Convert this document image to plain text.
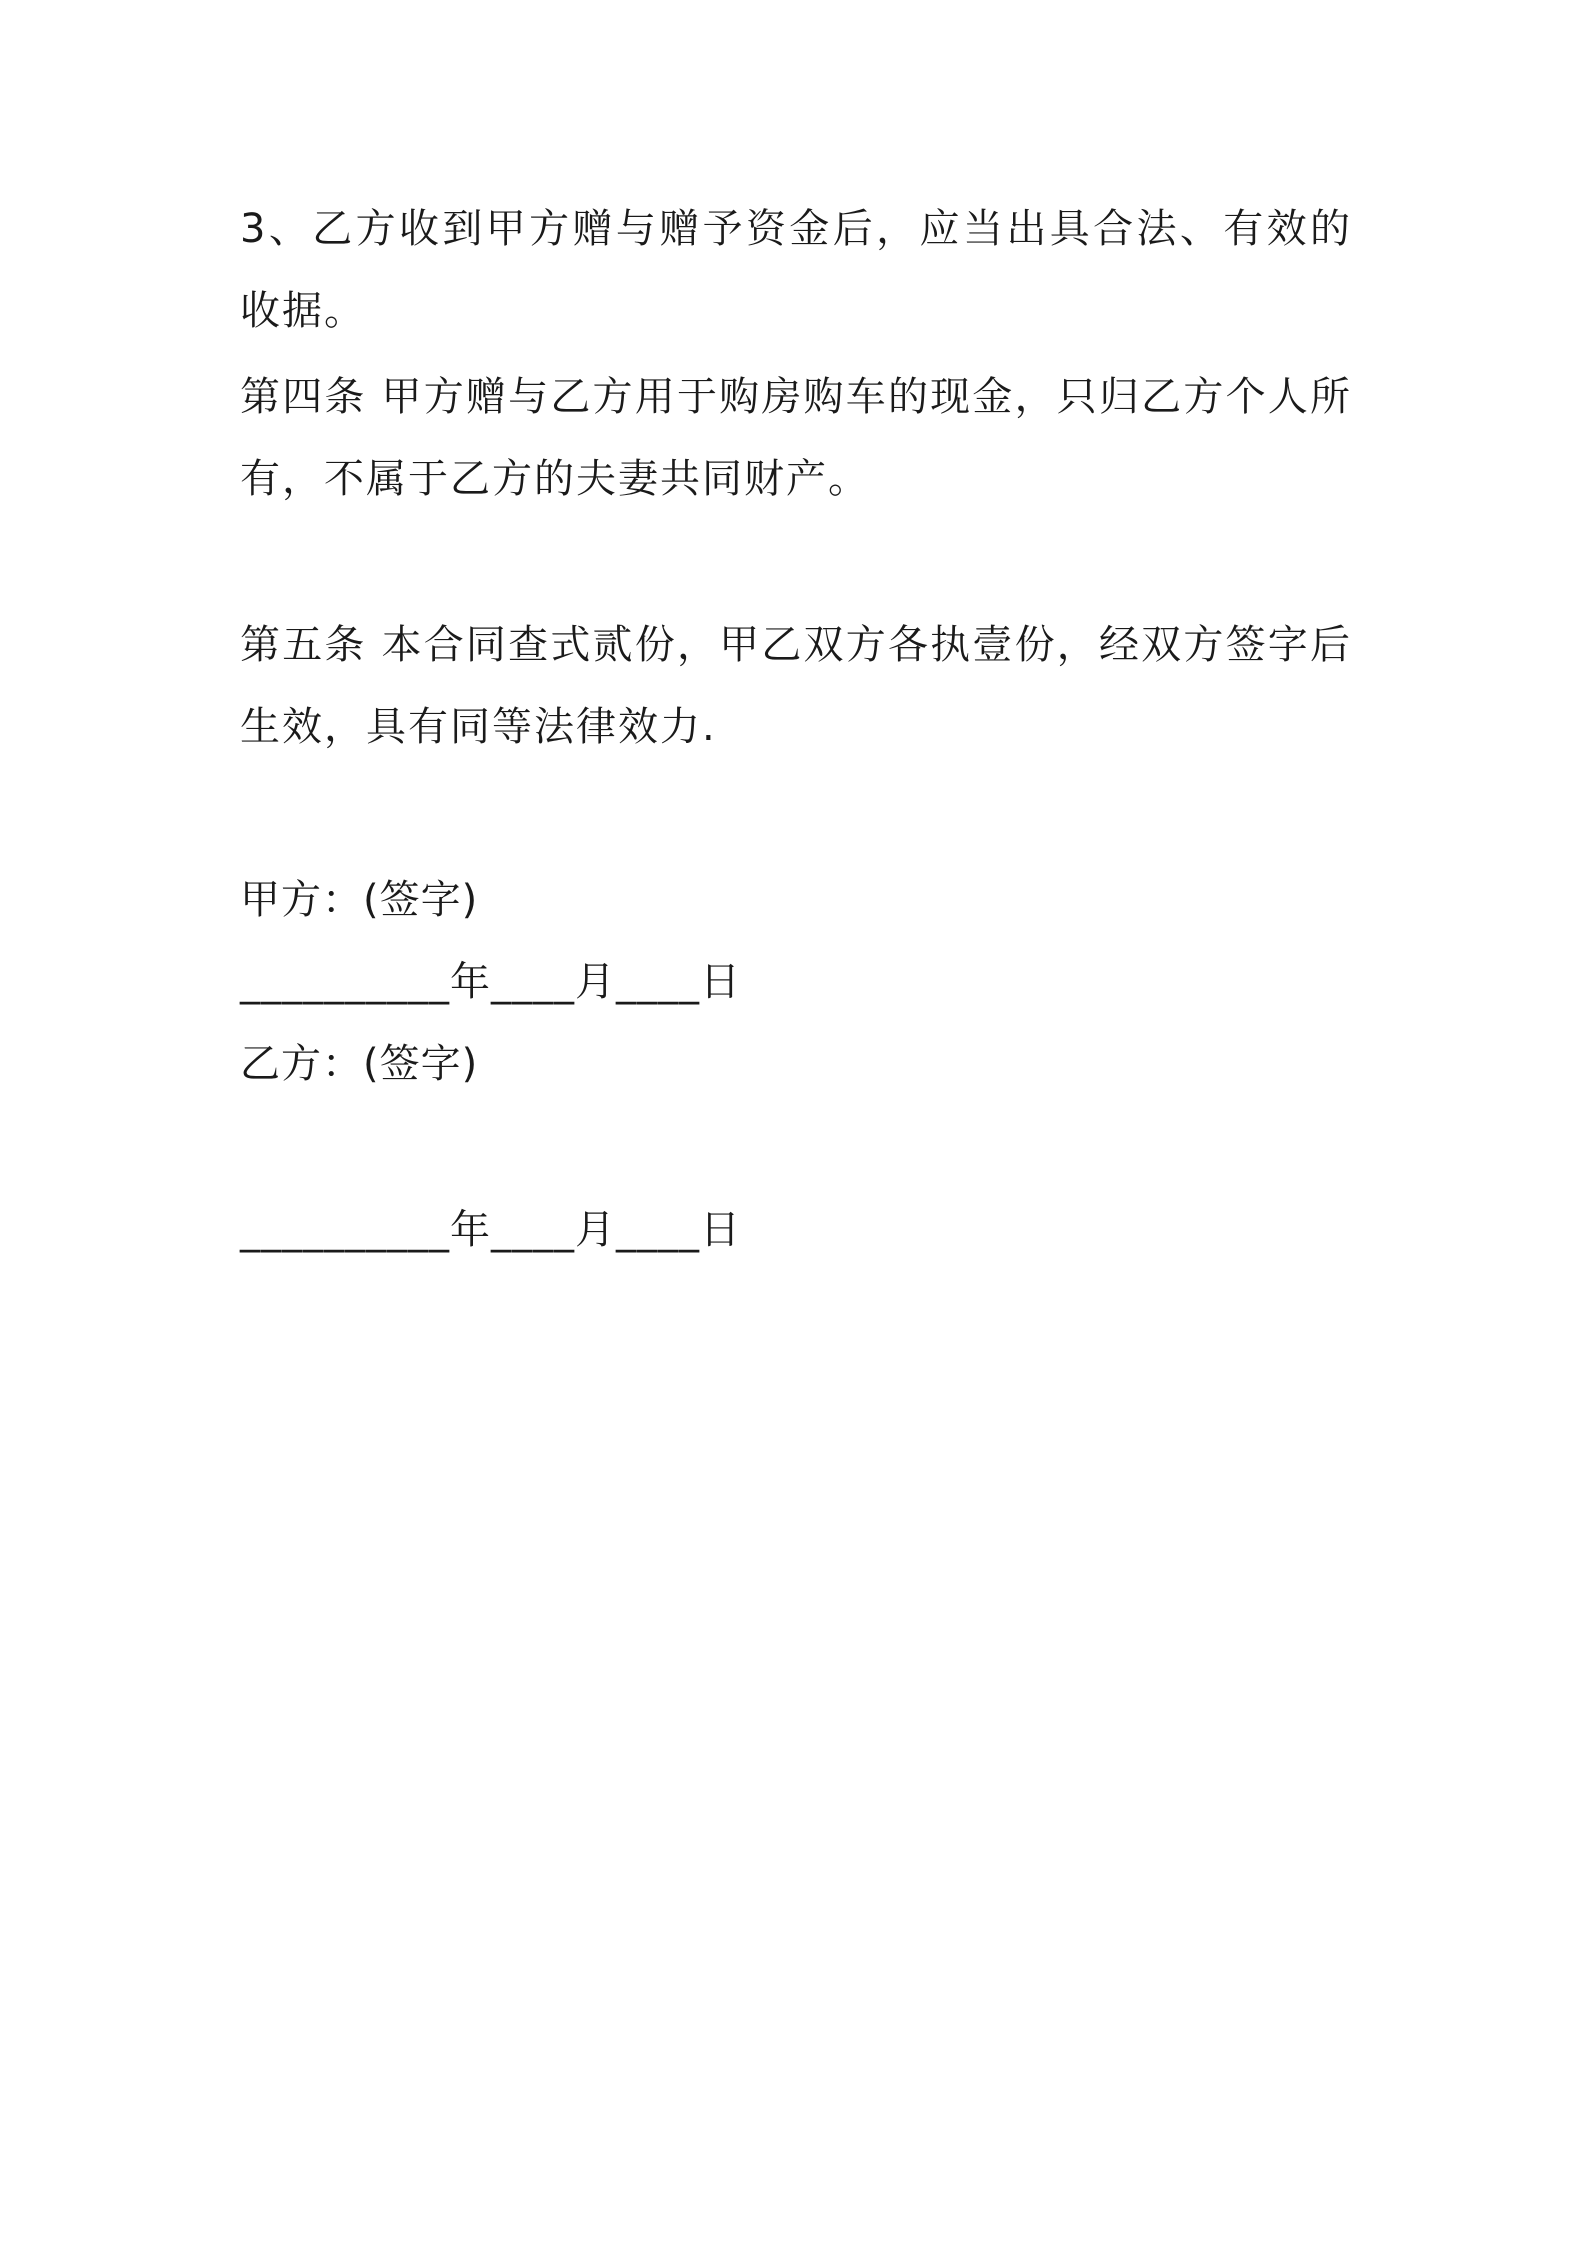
3、乙方收到甲方赠与赠予资金后，应当出具合法、有效的收据。
第四条 甲方赠与乙方用于购房购车的现金，只归乙方个人所有，不属于乙方的夫妻共同财产。
第五条 本合同查式贰份，甲乙双方各执壹份，经双方签字后生效，具有同等法律效力.
甲方：(签字)
__________年____月____日
乙方：(签字)
__________年____月____日
